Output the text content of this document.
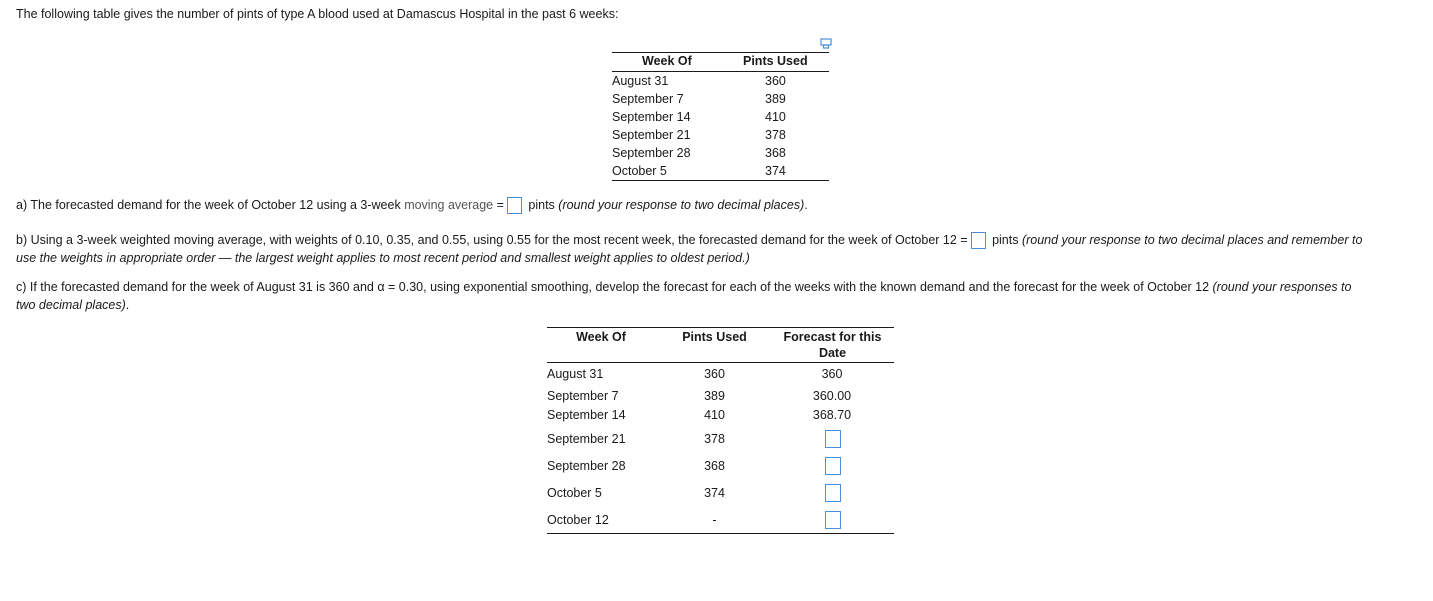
The following table gives the number of pints of type A blood used at Damascus Hospital in the past 6 weeks:
Week Of	Pints Used
August 31	360
September 7	389
September 14	410
September 21	378
September 28	368
October 5	374
a) The forecasted demand for the week of October 12 using a 3-week moving average = pints (round your response to two decimal places).
b) Using a 3-week weighted moving average, with weights of 0.10, 0.35, and 0.55, using 0.55 for the most recent week, the forecasted demand for the week of October 12 = pints (round your response to two decimal places and remember to
use the weights in appropriate order — the largest weight applies to most recent period and smallest weight applies to oldest period.)
c) If the forecasted demand for the week of August 31 is 360 and α = 0.30, using exponential smoothing, develop the forecast for each of the weeks with the known demand and the forecast for the week of October 12 (round your responses to
two decimal places).
Week Of	Pints Used	Forecast for this
Date
August 31	360	360
September 7	389	360.00
September 14	410	368.70
September 21	378
September 28	368
October 5	374
October 12	-
